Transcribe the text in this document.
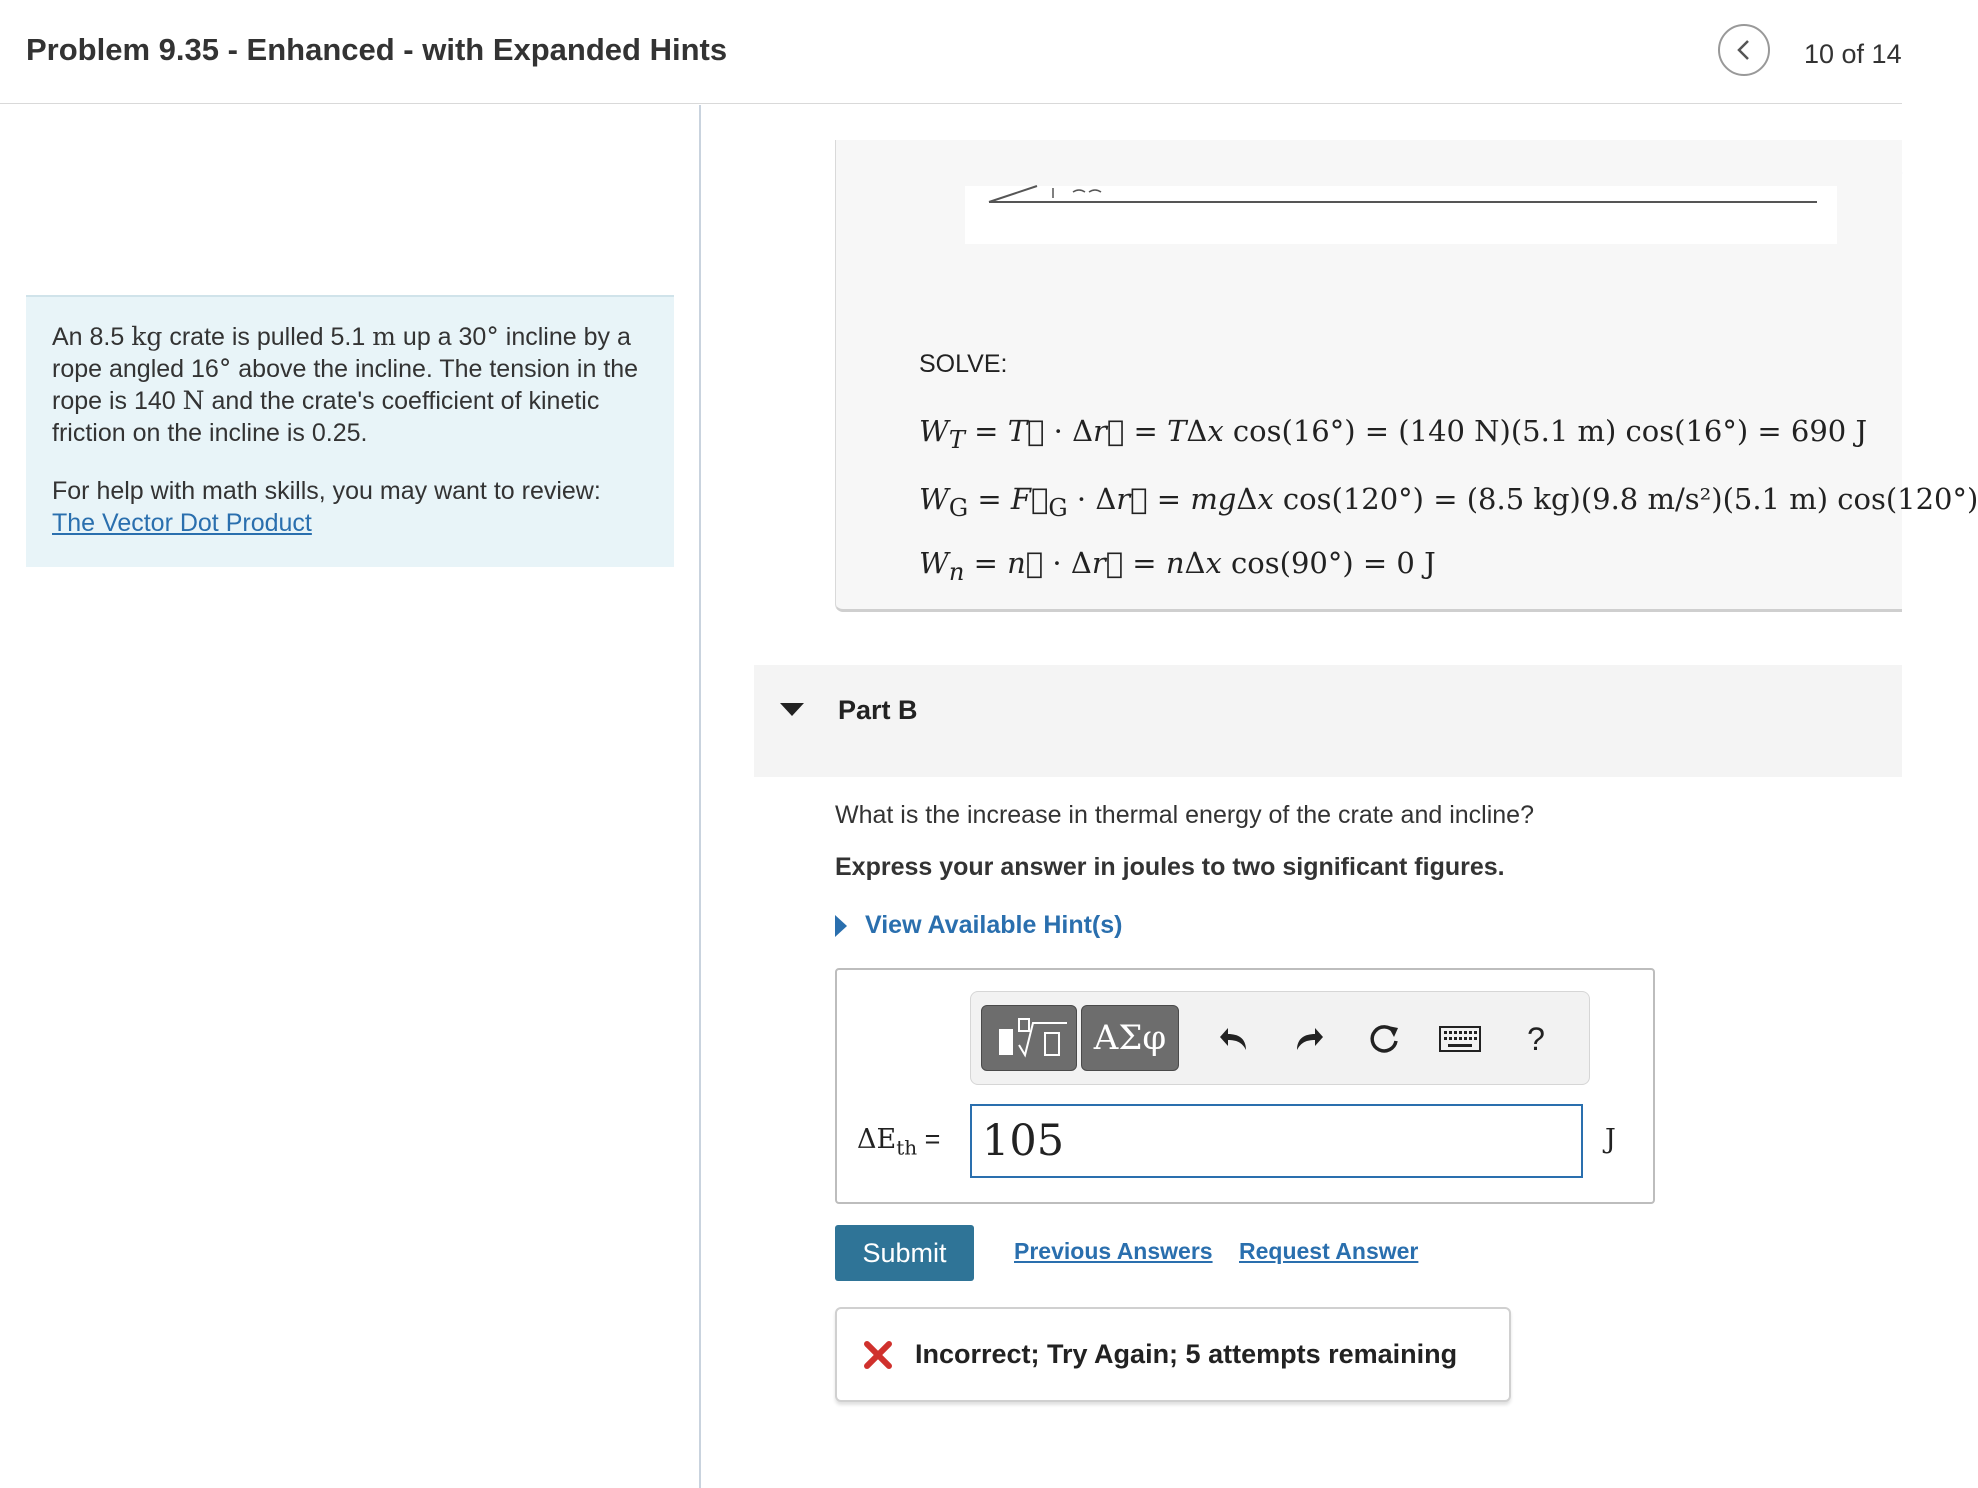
Problem 9.35 - Enhanced - with Expanded Hints	10 of 14

An 8.5 kg crate is pulled 5.1 m up a 30° incline by a rope angled 16° above the incline. The tension in the rope is 140 N and the crate's coefficient of kinetic friction on the incline is 0.25.

For help with math skills, you may want to review:

The Vector Dot Product

SOLVE:
$W_T$ = T⃗ · Δr⃗ = TΔx cos(16°) = (140 N)(5.1 m) cos(16°) = 690 J
$W_G$ = $F⃗_G$ · Δr⃗ = mgΔx cos(120°) = (8.5 kg)(9.8 m/s²)(5.1 m) cos(120°)
$W_n$ = n⃗ · Δr⃗ = nΔx cos(90°) = 0 J
Part B
What is the increase in thermal energy of the crate and incline?
Express your answer in joules to two significant figures.
View Available Hint(s)
ΑΣφ	?
$\Delta E_{th} = 105$	J
Submit	Previous Answers Request Answer
Incorrect; Try Again; 5 attempts remaining
